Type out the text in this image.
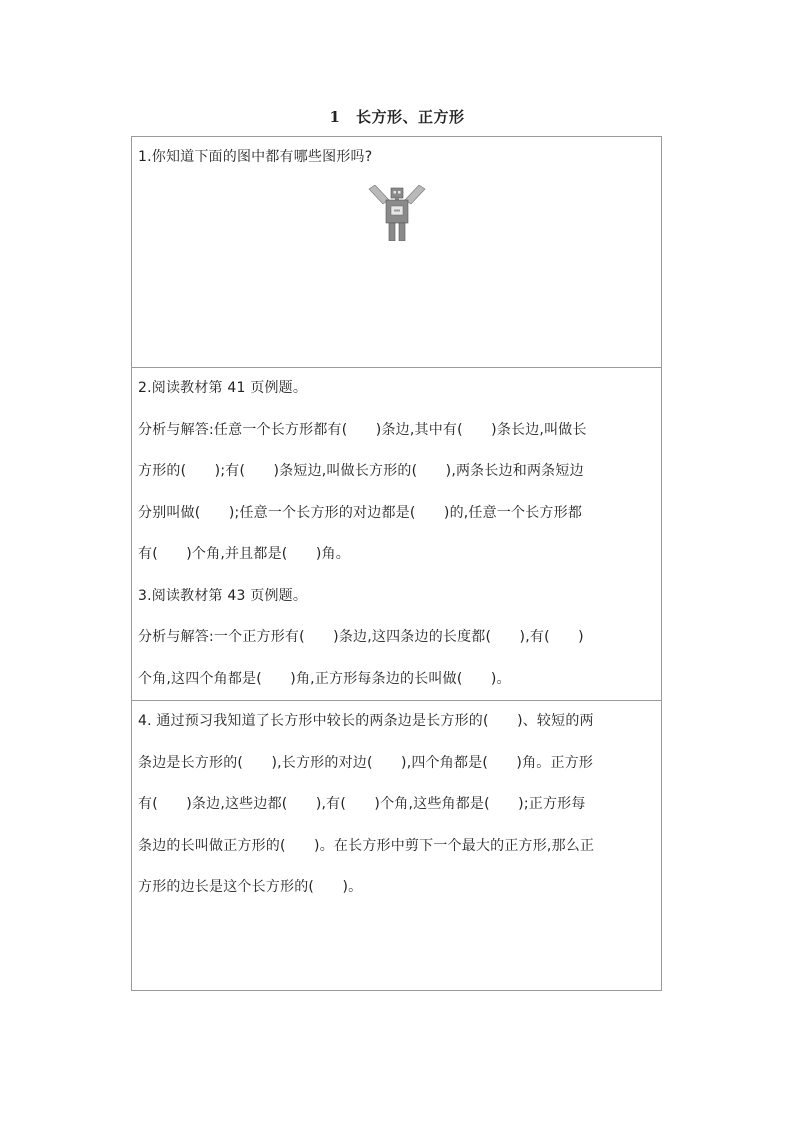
1　长方形、正方形
1.你知道下面的图中都有哪些图形吗?
2.阅读教材第 41 页例题。
分析与解答:任意一个长方形都有(　　)条边,其中有(　　)条长边,叫做长
方形的(　　);有(　　)条短边,叫做长方形的(　　),两条长边和两条短边
分别叫做(　　);任意一个长方形的对边都是(　　)的,任意一个长方形都
有(　　)个角,并且都是(　　)角。
3.阅读教材第 43 页例题。
分析与解答:一个正方形有(　　)条边,这四条边的长度都(　　),有(　　)
个角,这四个角都是(　　)角,正方形每条边的长叫做(　　)。
4. 通过预习我知道了长方形中较长的两条边是长方形的(　　)、较短的两
条边是长方形的(　　),长方形的对边(　　),四个角都是(　　)角。正方形
有(　　)条边,这些边都(　　),有(　　)个角,这些角都是(　　);正方形每
条边的长叫做正方形的(　　)。在长方形中剪下一个最大的正方形,那么正
方形的边长是这个长方形的(　　)。
